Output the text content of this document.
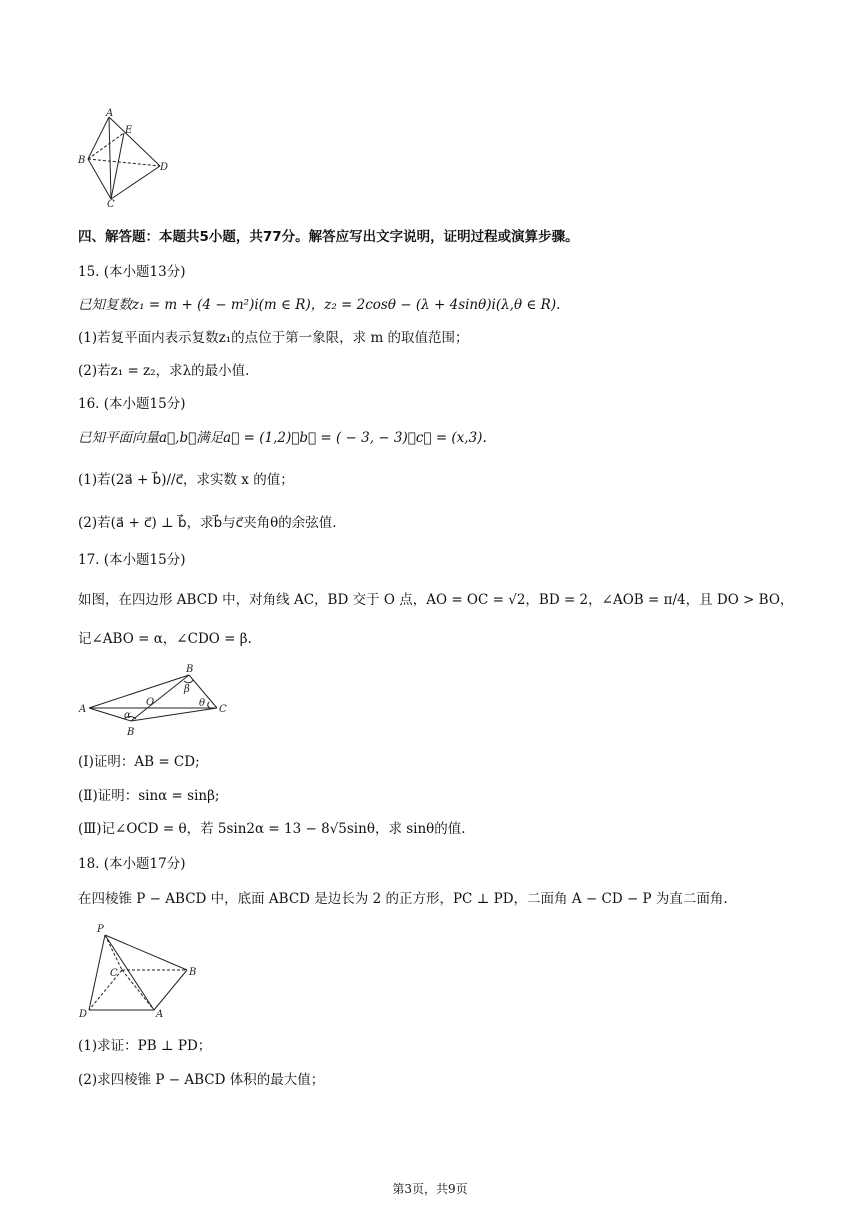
A
E
B
D
C
四、解答题：本题共5小题，共77分。解答应写出文字说明，证明过程或演算步骤。
15. (本小题13分)
已知复数z₁ = m + (4 − m²)i(m ∈ R)，z₂ = 2cosθ − (λ + 4sinθ)i(λ,θ ∈ R).
(1)若复平面内表示复数z₁的点位于第一象限，求 m 的取值范围；
(2)若z₁ = z₂，求λ的最小值.
16. (本小题15分)
已知平面向量a⃗,b⃗满足a⃗ = (1,2)，b⃗ = ( − 3, − 3)，c⃗ = (x,3).
(1)若(2a⃗ + b⃗)//c⃗，求实数 x 的值；
(2)若(a⃗ + c⃗) ⊥ b⃗，求b⃗与c⃗夹角θ的余弦值.
17. (本小题15分)
如图，在四边形 ABCD 中，对角线 AC，BD 交于 O 点，AO = OC = √2，BD = 2，∠AOB = π/4，且 DO > BO，
记∠ABO = α，∠CDO = β.
A
O
B
C
B
α
β
θ
(Ⅰ)证明：AB = CD;
(Ⅱ)证明：sinα = sinβ;
(Ⅲ)记∠OCD = θ，若 5sin2α = 13 − 8√5sinθ，求 sinθ的值.
18. (本小题17分)
在四棱锥 P − ABCD 中，底面 ABCD 是边长为 2 的正方形，PC ⊥ PD，二面角 A − CD − P 为直二面角.
P
C	B
D	A
(1)求证：PB ⊥ PD；
(2)求四棱锥 P − ABCD 体积的最大值；
第3页，共9页
